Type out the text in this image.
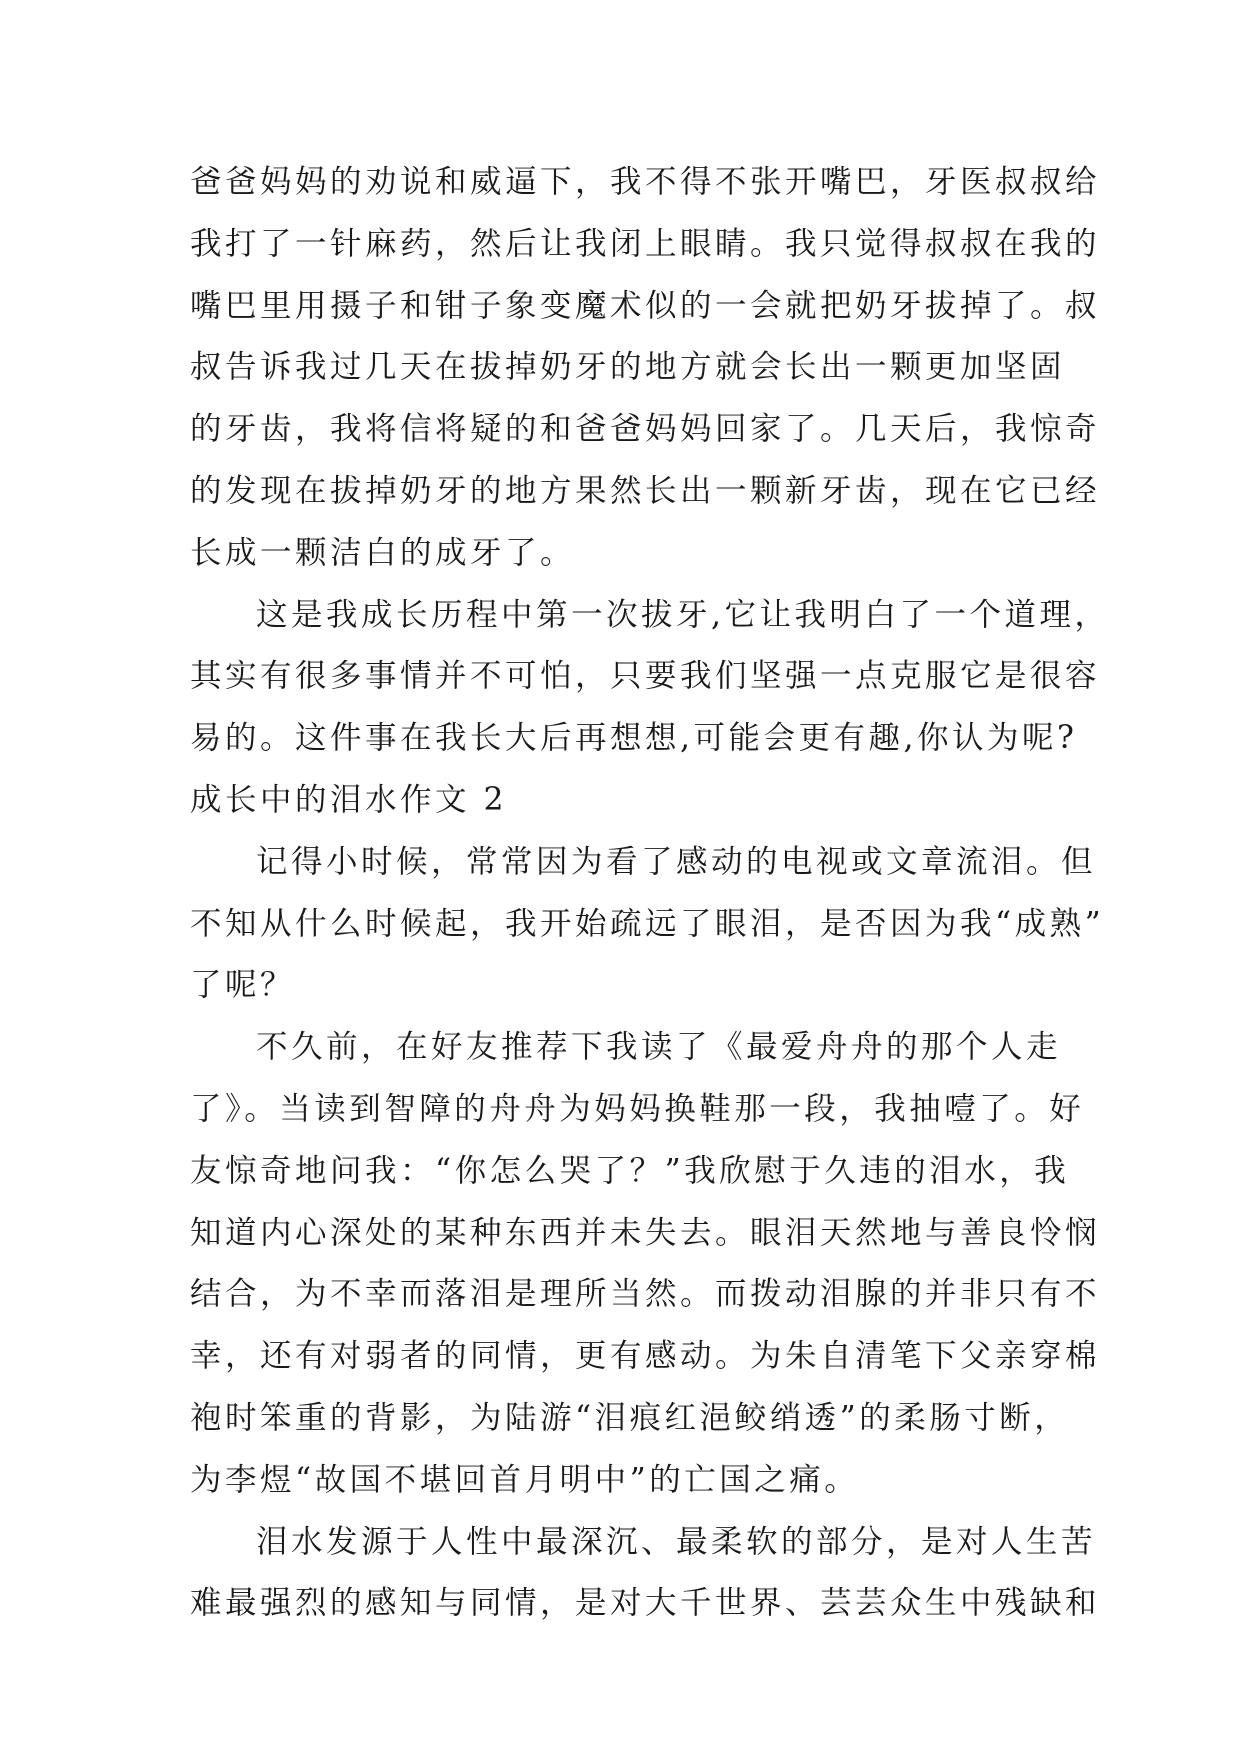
爸爸妈妈的劝说和威逼下，我不得不张开嘴巴，牙医叔叔给
我打了一针麻药，然后让我闭上眼睛。我只觉得叔叔在我的
嘴巴里用摄子和钳子象变魔术似的一会就把奶牙拔掉了。叔
叔告诉我过几天在拔掉奶牙的地方就会长出一颗更加坚固
的牙齿，我将信将疑的和爸爸妈妈回家了。几天后，我惊奇
的发现在拔掉奶牙的地方果然长出一颗新牙齿，现在它已经
长成一颗洁白的成牙了。
这是我成长历程中第一次拔牙,它让我明白了一个道理，
其实有很多事情并不可怕，只要我们坚强一点克服它是很容
易的。这件事在我长大后再想想,可能会更有趣,你认为呢?
成长中的泪水作文 2
记得小时候，常常因为看了感动的电视或文章流泪。但
不知从什么时候起，我开始疏远了眼泪，是否因为我“成熟”
了呢？
不久前，在好友推荐下我读了《最爱舟舟的那个人走
了》。当读到智障的舟舟为妈妈换鞋那一段，我抽噎了。好
友惊奇地问我：“你怎么哭了？”我欣慰于久违的泪水，我
知道内心深处的某种东西并未失去。眼泪天然地与善良怜悯
结合，为不幸而落泪是理所当然。而拨动泪腺的并非只有不
幸，还有对弱者的同情，更有感动。为朱自清笔下父亲穿棉
袍时笨重的背影，为陆游“泪痕红浥鲛绡透”的柔肠寸断，
为李煜“故国不堪回首月明中”的亡国之痛。
泪水发源于人性中最深沉、最柔软的部分，是对人生苦
难最强烈的感知与同情，是对大千世界、芸芸众生中残缺和
